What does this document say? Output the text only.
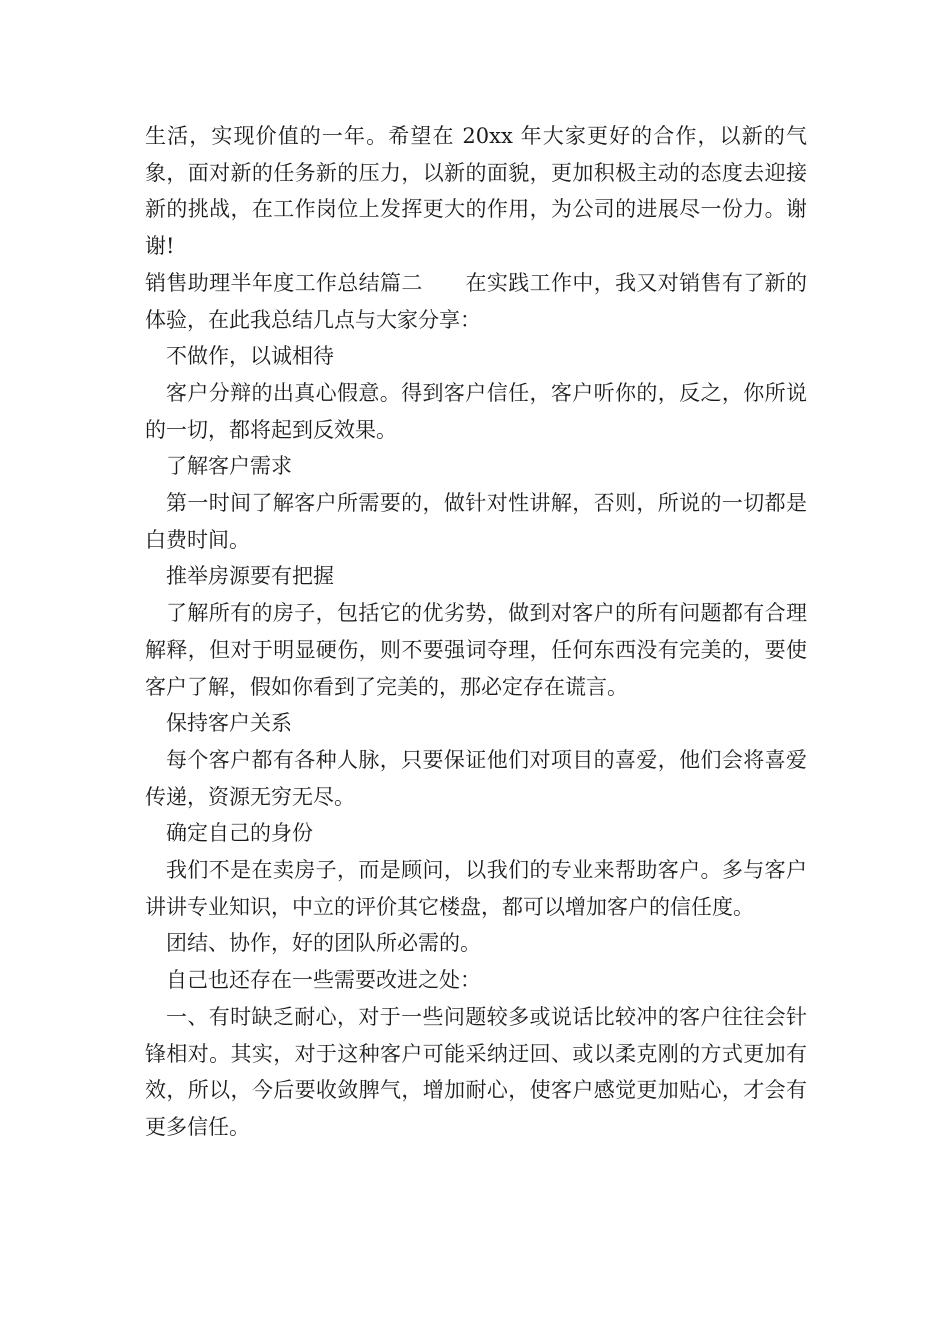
生活，实现价值的一年。希望在 20xx 年大家更好的合作，以新的气象，面对新的任务新的压力，以新的面貌，更加积极主动的态度去迎接新的挑战，在工作岗位上发挥更大的作用，为公司的进展尽一份力。谢谢!

销售助理半年度工作总结篇二　　在实践工作中，我又对销售有了新的体验，在此我总结几点与大家分享：

不做作，以诚相待

客户分辩的出真心假意。得到客户信任，客户听你的，反之，你所说的一切，都将起到反效果。

了解客户需求

第一时间了解客户所需要的，做针对性讲解，否则，所说的一切都是白费时间。

推举房源要有把握

了解所有的房子，包括它的优劣势，做到对客户的所有问题都有合理解释，但对于明显硬伤，则不要强词夺理，任何东西没有完美的，要使客户了解，假如你看到了完美的，那必定存在谎言。

保持客户关系

每个客户都有各种人脉，只要保证他们对项目的喜爱，他们会将喜爱传递，资源无穷无尽。

确定自己的身份

我们不是在卖房子，而是顾问，以我们的专业来帮助客户。多与客户讲讲专业知识，中立的评价其它楼盘，都可以增加客户的信任度。

团结、协作，好的团队所必需的。

自己也还存在一些需要改进之处：

一、有时缺乏耐心，对于一些问题较多或说话比较冲的客户往往会针锋相对。其实，对于这种客户可能采纳迂回、或以柔克刚的方式更加有效，所以，今后要收敛脾气，增加耐心，使客户感觉更加贴心，才会有更多信任。
